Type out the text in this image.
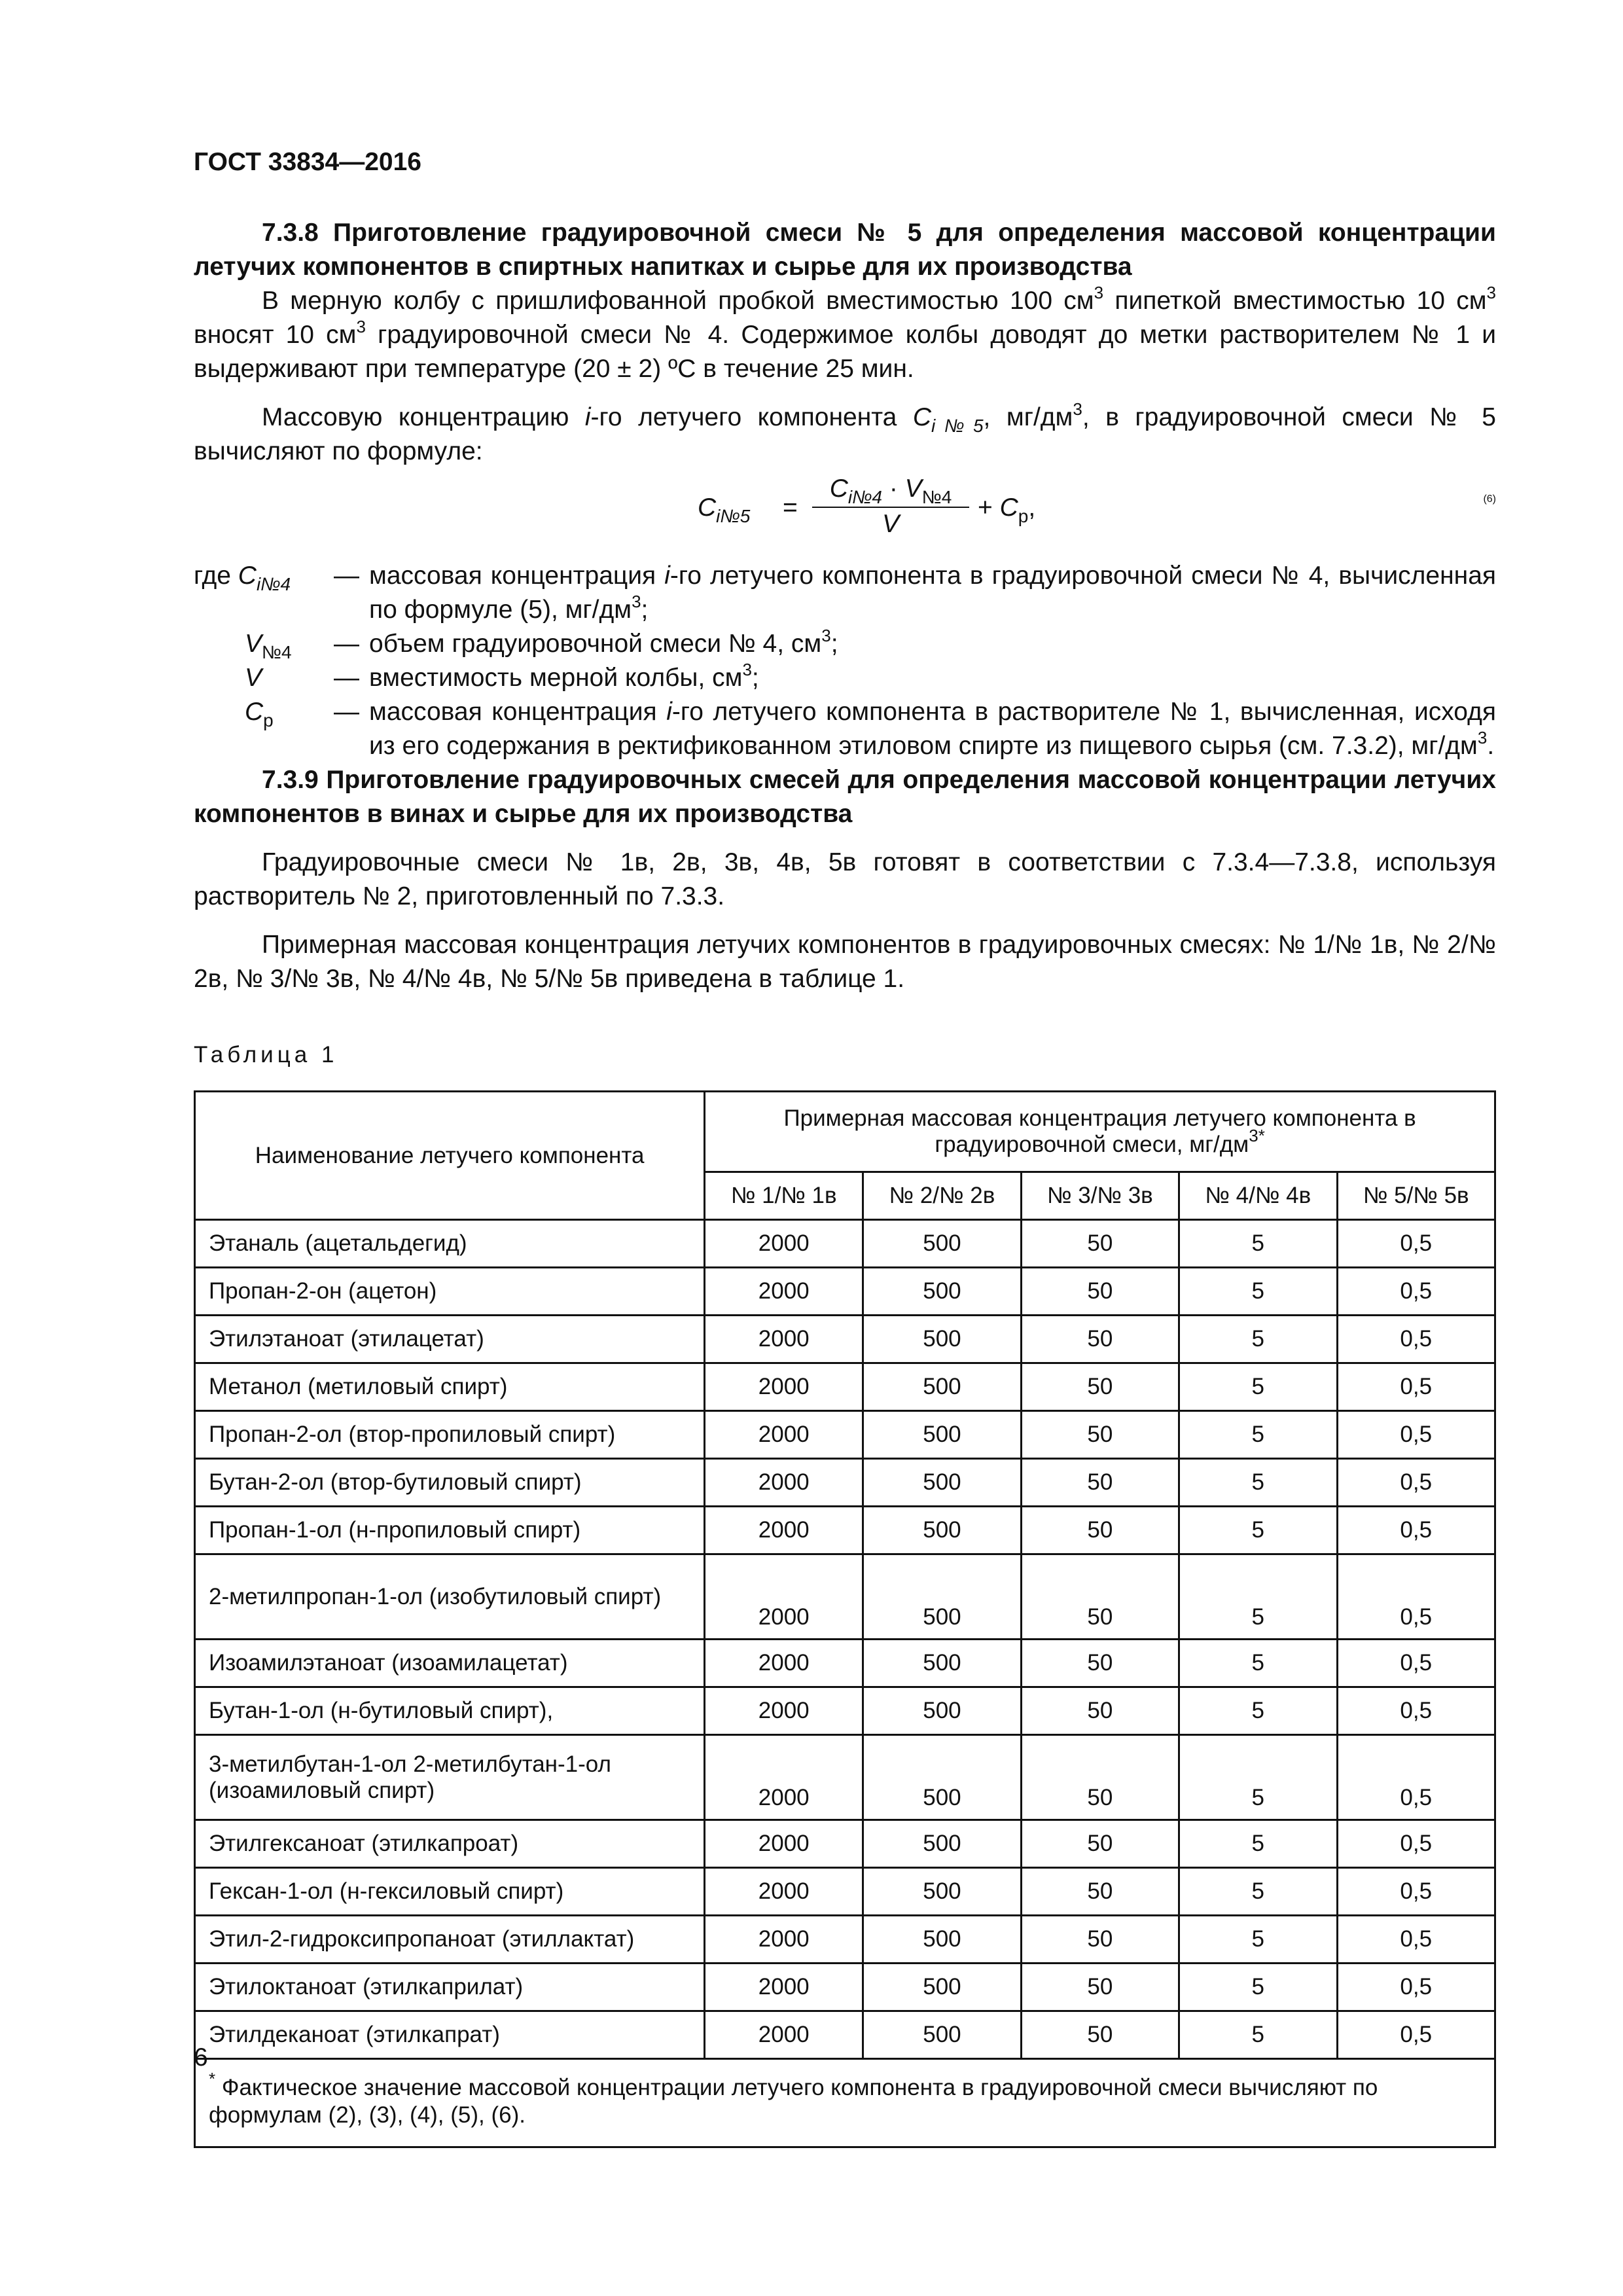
ГОСТ 33834—2016

7.3.8 Приготовление градуировочной смеси № 5 для определения массовой концентрации летучих компонентов в спиртных напитках и сырье для их производства

В мерную колбу с пришлифованной пробкой вместимостью 100 $см^3$ пипеткой вместимостью 10 $см^3$ вносят 10 $см^3$ градуировочной смеси № 4. Содержимое колбы доводят до метки растворителем № 1 и выдерживают при температуре (20 ± 2) ºС в течение 25 мин.

Массовую концентрацию i-го летучего компонента $C_{i№5}$, $мг/дм^3$, в градуировочной смеси № 5 вычисляют по формуле:

$C_{i№5}$ =
$C_{i№4} \cdot V_{№4}$
V
+ $C_р$,	(6)
где $C_{i№4}$	— массовая концентрация i-го летучего компонента в градуировочной смеси № 4, вычисленная по формуле (5), $мг/дм^3$;
$V_{№4}$	— объем градуировочной смеси № 4, $см^3$;
V	— вместимость мерной колбы, $см^3$;
$C_р$	— массовая концентрация i-го летучего компонента в растворителе № 1, вычисленная, исходя из его содержания в ректификованном этиловом спирте из пищевого сырья (см. 7.3.2), $мг/дм^3$.

7.3.9 Приготовление градуировочных смесей для определения массовой концентрации летучих компонентов в винах и сырье для их производства

Градуировочные смеси № 1в, 2в, 3в, 4в, 5в готовят в соответствии с 7.3.4—7.3.8, используя растворитель № 2, приготовленный по 7.3.3.

Примерная массовая концентрация летучих компонентов в градуировочных смесях: № 1/№ 1в, № 2/№ 2в, № 3/№ 3в, № 4/№ 4в, № 5/№ 5в приведена в таблице 1.

Таблица 1
Наименование летучего компонента	Примерная массовая концентрация летучего компонента в градуировочной смеси, $мг/дм^{3*}$
	№ 1/№ 1в	№ 2/№ 2в	№ 3/№ 3в	№ 4/№ 4в	№ 5/№ 5в
Этаналь (ацетальдегид)	2000	500	50	5	0,5
Пропан-2-он (ацетон)	2000	500	50	5	0,5
Этилэтаноат (этилацетат)	2000	500	50	5	0,5
Метанол (метиловый спирт)	2000	500	50	5	0,5
Пропан-2-ол (втор-пропиловый спирт)	2000	500	50	5	0,5
Бутан-2-ол (втор-бутиловый спирт)	2000	500	50	5	0,5
Пропан-1-ол (н-пропиловый спирт)	2000	500	50	5	0,5
2-метилпропан-1-ол (изобутиловый спирт)	2000	500	50	5	0,5
Изоамилэтаноат (изоамилацетат)	2000	500	50	5	0,5
Бутан-1-ол (н-бутиловый спирт),	2000	500	50	5	0,5
3-метилбутан-1-ол 2-метилбутан-1-ол (изоамиловый спирт)	2000	500	50	5	0,5
Этилгексаноат (этилкапроат)	2000	500	50	5	0,5
Гексан-1-ол (н-гексиловый спирт)	2000	500	50	5	0,5
Этил-2-гидроксипропаноат (этиллактат)	2000	500	50	5	0,5
Этилоктаноат (этилкаприлат)	2000	500	50	5	0,5
Этилдеканоат (этилкапрат)	2000	500	50	5	0,5
* Фактическое значение массовой концентрации летучего компонента в градуировочной смеси вычисляют по формулам (2), (3), (4), (5), (6).					
6
